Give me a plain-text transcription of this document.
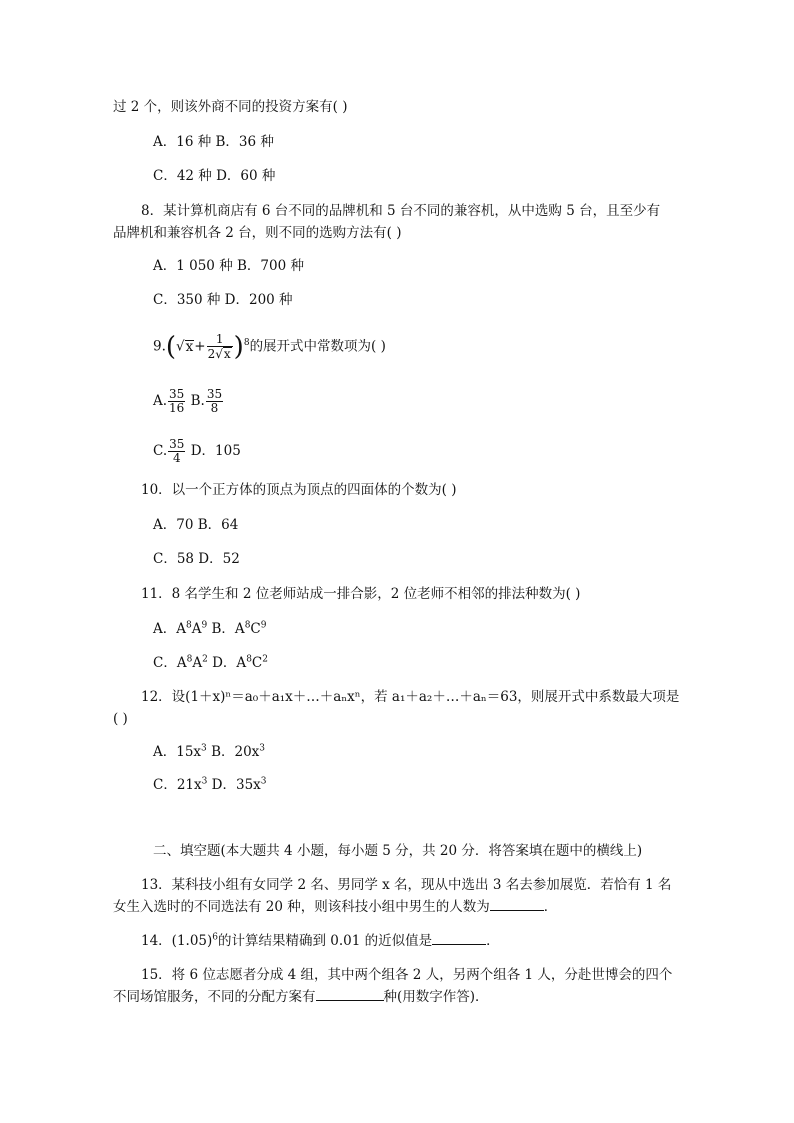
过 2 个，则该外商不同的投资方案有( )
A．16 种 B．36 种
C．42 种 D．60 种
8．某计算机商店有 6 台不同的品牌机和 5 台不同的兼容机，从中选购 5 台，且至少有
品牌机和兼容机各 2 台，则不同的选购方法有( )
A．1 050 种 B．700 种
C．350 种 D．200 种
$9.(√x+ \frac{1}{2√x} )^8$的展开式中常数项为( )
A. $\frac{35}{16} B$. $\frac{35}{8}$
C. $\frac{35}{4}$ D．105
10．以一个正方体的顶点为顶点的四面体的个数为( )
A．70 B．64
C．58 D．52
11．8 名学生和 2 位老师站成一排合影，2 位老师不相邻的排法种数为( )
A．$A^8A^9$ B．$A^8C^9$
C．$A^8A^2$ D．$A^8C^2$
12．设(1＋x)ⁿ＝a₀＋a₁x＋…＋aₙxⁿ，若 a₁＋a₂＋…＋aₙ＝63，则展开式中系数最大项是
( )
A．$15x^3$ B．$20x^3$
C．$21x^3$ D．$35x^3$
二、填空题(本大题共 4 小题，每小题 5 分，共 20 分．将答案填在题中的横线上)
13．某科技小组有女同学 2 名、男同学 x 名，现从中选出 3 名去参加展览．若恰有 1 名
女生入选时的不同选法有 20 种，则该科技小组中男生的人数为	．
14．$(1.05)^6$的计算结果精确到 0.01 的近似值是	．
15．将 6 位志愿者分成 4 组，其中两个组各 2 人，另两个组各 1 人，分赴世博会的四个
不同场馆服务，不同的分配方案有	种(用数字作答)．
